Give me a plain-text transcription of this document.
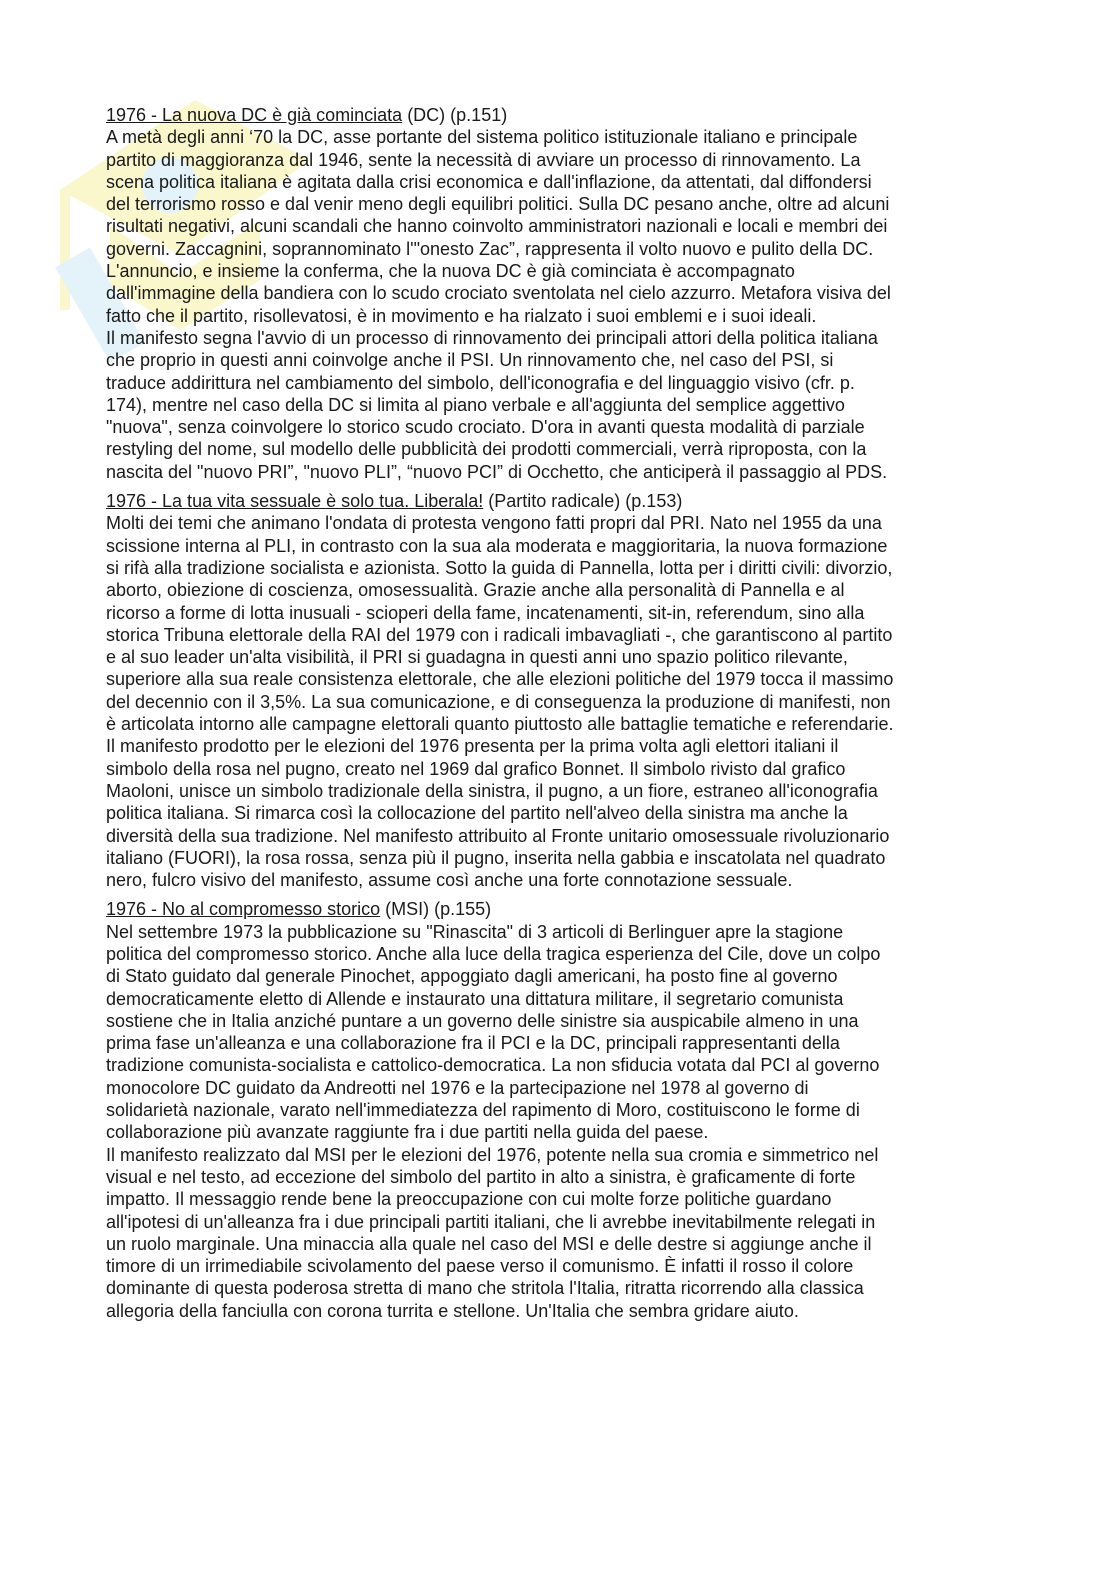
1976 - La nuova DC è già cominciata (DC) (p.151)
A metà degli anni ‘70 la DC, asse portante del sistema politico istituzionale italiano e principale
partito di maggioranza dal 1946, sente la necessità di avviare un processo di rinnovamento. La
scena politica italiana è agitata dalla crisi economica e dall'inflazione, da attentati, dal diffondersi
del terrorismo rosso e dal venir meno degli equilibri politici. Sulla DC pesano anche, oltre ad alcuni
risultati negativi, alcuni scandali che hanno coinvolto amministratori nazionali e locali e membri dei
governi. Zaccagnini, soprannominato l'"onesto Zac”, rappresenta il volto nuovo e pulito della DC.
L'annuncio, e insieme la conferma, che la nuova DC è già cominciata è accompagnato
dall'immagine della bandiera con lo scudo crociato sventolata nel cielo azzurro. Metafora visiva del
fatto che il partito, risollevatosi, è in movimento e ha rialzato i suoi emblemi e i suoi ideali.
Il manifesto segna l'avvio di un processo di rinnovamento dei principali attori della politica italiana
che proprio in questi anni coinvolge anche il PSI. Un rinnovamento che, nel caso del PSI, si
traduce addirittura nel cambiamento del simbolo, dell'iconografia e del linguaggio visivo (cfr. p.
174), mentre nel caso della DC si limita al piano verbale e all'aggiunta del semplice aggettivo
"nuova", senza coinvolgere lo storico scudo crociato. D'ora in avanti questa modalità di parziale
restyling del nome, sul modello delle pubblicità dei prodotti commerciali, verrà riproposta, con la
nascita del "nuovo PRI”, "nuovo PLI”, “nuovo PCI” di Occhetto, che anticiperà il passaggio al PDS.
1976 - La tua vita sessuale è solo tua. Liberala! (Partito radicale) (p.153)
Molti dei temi che animano l'ondata di protesta vengono fatti propri dal PRI. Nato nel 1955 da una
scissione interna al PLI, in contrasto con la sua ala moderata e maggioritaria, la nuova formazione
si rifà alla tradizione socialista e azionista. Sotto la guida di Pannella, lotta per i diritti civili: divorzio,
aborto, obiezione di coscienza, omosessualità. Grazie anche alla personalità di Pannella e al
ricorso a forme di lotta inusuali - scioperi della fame, incatenamenti, sit-in, referendum, sino alla
storica Tribuna elettorale della RAI del 1979 con i radicali imbavagliati -, che garantiscono al partito
e al suo leader un'alta visibilità, il PRI si guadagna in questi anni uno spazio politico rilevante,
superiore alla sua reale consistenza elettorale, che alle elezioni politiche del 1979 tocca il massimo
del decennio con il 3,5%. La sua comunicazione, e di conseguenza la produzione di manifesti, non
è articolata intorno alle campagne elettorali quanto piuttosto alle battaglie tematiche e referendarie.
Il manifesto prodotto per le elezioni del 1976 presenta per la prima volta agli elettori italiani il
simbolo della rosa nel pugno, creato nel 1969 dal grafico Bonnet. Il simbolo rivisto dal grafico
Maoloni, unisce un simbolo tradizionale della sinistra, il pugno, a un fiore, estraneo all'iconografia
politica italiana. Si rimarca così la collocazione del partito nell'alveo della sinistra ma anche la
diversità della sua tradizione. Nel manifesto attribuito al Fronte unitario omosessuale rivoluzionario
italiano (FUORI), la rosa rossa, senza più il pugno, inserita nella gabbia e inscatolata nel quadrato
nero, fulcro visivo del manifesto, assume così anche una forte connotazione sessuale.
1976 - No al compromesso storico (MSI) (p.155)
Nel settembre 1973 la pubblicazione su "Rinascita" di 3 articoli di Berlinguer apre la stagione
politica del compromesso storico. Anche alla luce della tragica esperienza del Cile, dove un colpo
di Stato guidato dal generale Pinochet, appoggiato dagli americani, ha posto fine al governo
democraticamente eletto di Allende e instaurato una dittatura militare, il segretario comunista
sostiene che in Italia anziché puntare a un governo delle sinistre sia auspicabile almeno in una
prima fase un'alleanza e una collaborazione fra il PCI e la DC, principali rappresentanti della
tradizione comunista-socialista e cattolico-democratica. La non sfiducia votata dal PCI al governo
monocolore DC guidato da Andreotti nel 1976 e la partecipazione nel 1978 al governo di
solidarietà nazionale, varato nell'immediatezza del rapimento di Moro, costituiscono le forme di
collaborazione più avanzate raggiunte fra i due partiti nella guida del paese.
Il manifesto realizzato dal MSI per le elezioni del 1976, potente nella sua cromia e simmetrico nel
visual e nel testo, ad eccezione del simbolo del partito in alto a sinistra, è graficamente di forte
impatto. Il messaggio rende bene la preoccupazione con cui molte forze politiche guardano
all'ipotesi di un'alleanza fra i due principali partiti italiani, che li avrebbe inevitabilmente relegati in
un ruolo marginale. Una minaccia alla quale nel caso del MSI e delle destre si aggiunge anche il
timore di un irrimediabile scivolamento del paese verso il comunismo. È infatti il rosso il colore
dominante di questa poderosa stretta di mano che stritola l'Italia, ritratta ricorrendo alla classica
allegoria della fanciulla con corona turrita e stellone. Un'Italia che sembra gridare aiuto.
